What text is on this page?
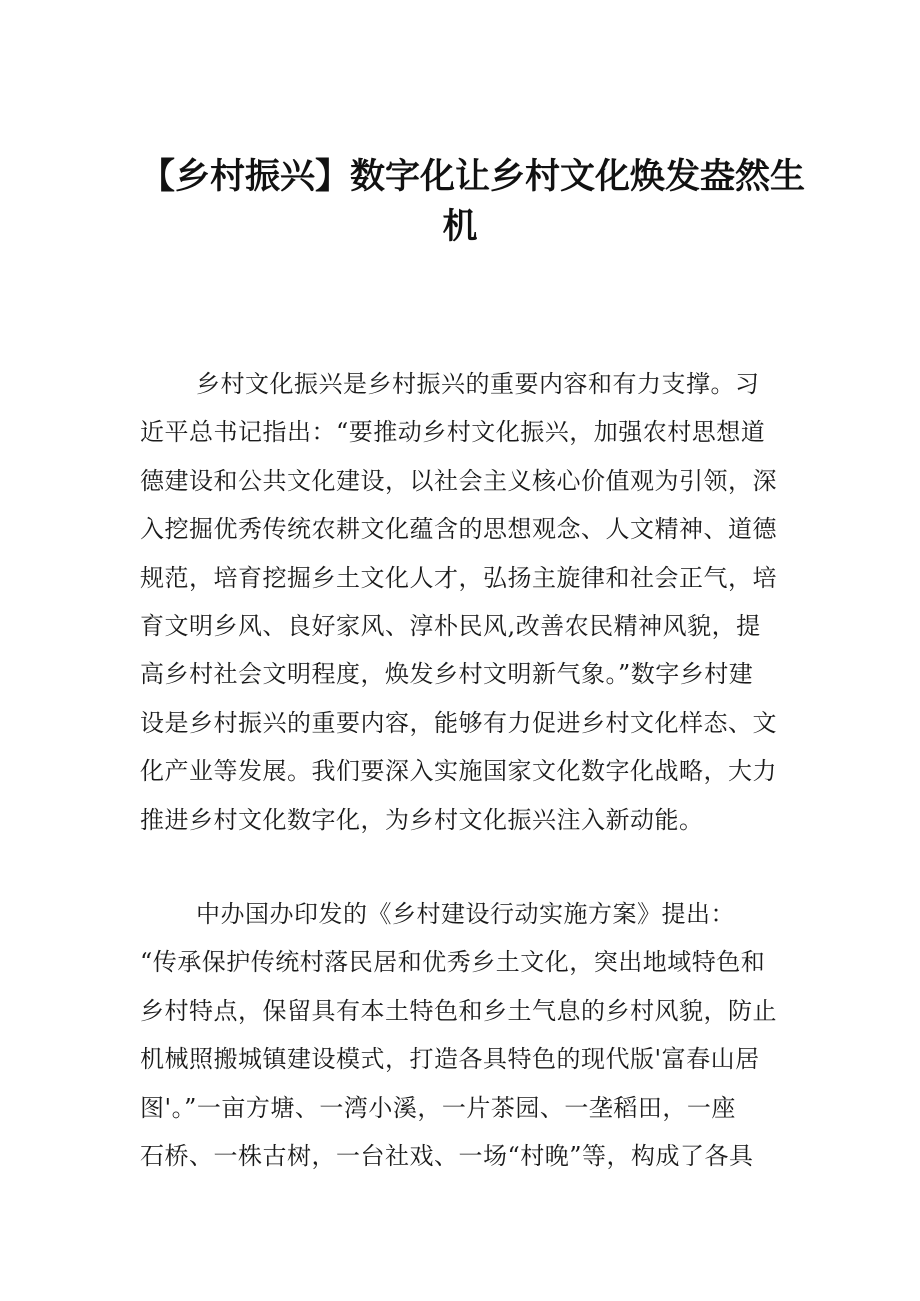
【乡村振兴】数字化让乡村文化焕发盎然生
机
乡村文化振兴是乡村振兴的重要内容和有力支撑。习
近平总书记指出：“要推动乡村文化振兴，加强农村思想道
德建设和公共文化建设，以社会主义核心价值观为引领，深
入挖掘优秀传统农耕文化蕴含的思想观念、人文精神、道德
规范，培育挖掘乡土文化人才，弘扬主旋律和社会正气，培
育文明乡风、良好家风、淳朴民风,改善农民精神风貌，提
高乡村社会文明程度，焕发乡村文明新气象。”数字乡村建
设是乡村振兴的重要内容，能够有力促进乡村文化样态、文
化产业等发展。我们要深入实施国家文化数字化战略，大力
推进乡村文化数字化，为乡村文化振兴注入新动能。
中办国办印发的《乡村建设行动实施方案》提出：
“传承保护传统村落民居和优秀乡土文化，突出地域特色和
乡村特点，保留具有本土特色和乡土气息的乡村风貌，防止
机械照搬城镇建设模式，打造各具特色的现代版'富春山居
图'。”一亩方塘、一湾小溪，一片茶园、一垄稻田，一座
石桥、一株古树，一台社戏、一场“村晚”等，构成了各具
